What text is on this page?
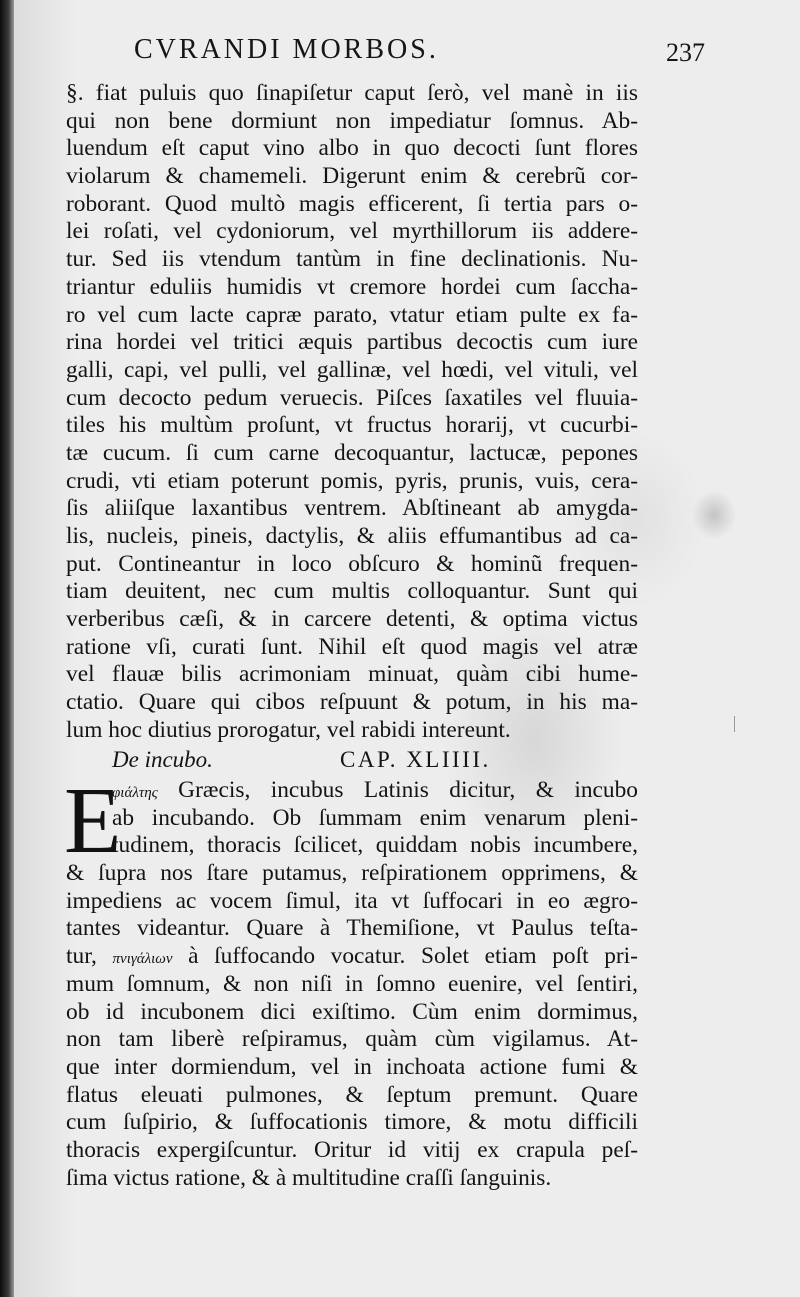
CVRANDI MORBOS.	237
§. fiat puluis quo ſinapiſetur caput ſerò, vel manè in iis
qui non bene dormiunt non impediatur ſomnus. Ab-
luendum eſt caput vino albo in quo decocti ſunt flores
violarum & chamemeli. Digerunt enim & cerebrũ cor-
roborant. Quod multò magis efficerent, ſi tertia pars o-
lei roſati, vel cydoniorum, vel myrthillorum iis addere-
tur. Sed iis vtendum tantùm in fine declinationis. Nu-
triantur eduliis humidis vt cremore hordei cum ſaccha-
ro vel cum lacte capræ parato, vtatur etiam pulte ex fa-
rina hordei vel tritici æquis partibus decoctis cum iure
galli, capi, vel pulli, vel gallinæ, vel hœdi, vel vituli, vel
cum decocto pedum veruecis. Piſces ſaxatiles vel fluuia-
tiles his multùm proſunt, vt fructus horarij, vt cucurbi-
tæ cucum. ſi cum carne decoquantur, lactucæ, pepones
crudi, vti etiam poterunt pomis, pyris, prunis, vuis, cera-
ſis aliiſque laxantibus ventrem. Abſtineant ab amygda-
lis, nucleis, pineis, dactylis, & aliis effumantibus ad ca-
put. Contineantur in loco obſcuro & hominũ frequen-
tiam deuitent, nec cum multis colloquantur. Sunt qui
verberibus cæſi, & in carcere detenti, & optima victus
ratione vſi, curati ſunt. Nihil eſt quod magis vel atræ
vel flauæ bilis acrimoniam minuat, quàm cibi hume-
ctatio. Quare qui cibos reſpuunt & potum, in his ma-
lum hoc diutius prorogatur, vel rabidi intereunt.
De incubo.	CAP. XLIIII.
E
φιάλτης Græcis, incubus Latinis dicitur, & incubo
ab incubando. Ob ſummam enim venarum pleni-
tudinem, thoracis ſcilicet, quiddam nobis incumbere,
& ſupra nos ſtare putamus, reſpirationem opprimens, &
impediens ac vocem ſimul, ita vt ſuffocari in eo ægro-
tantes videantur. Quare à Themiſione, vt Paulus teſta-
tur, πνιγάλιων à ſuffocando vocatur. Solet etiam poſt pri-
mum ſomnum, & non niſi in ſomno euenire, vel ſentiri,
ob id incubonem dici exiſtimo. Cùm enim dormimus,
non tam liberè reſpiramus, quàm cùm vigilamus. At-
que inter dormiendum, vel in inchoata actione fumi &
flatus eleuati pulmones, & ſeptum premunt. Quare
cum ſuſpirio, & ſuffocationis timore, & motu difficili
thoracis expergiſcuntur. Oritur id vitij ex crapula peſ-
ſima victus ratione, & à multitudine craſſi ſanguinis.
